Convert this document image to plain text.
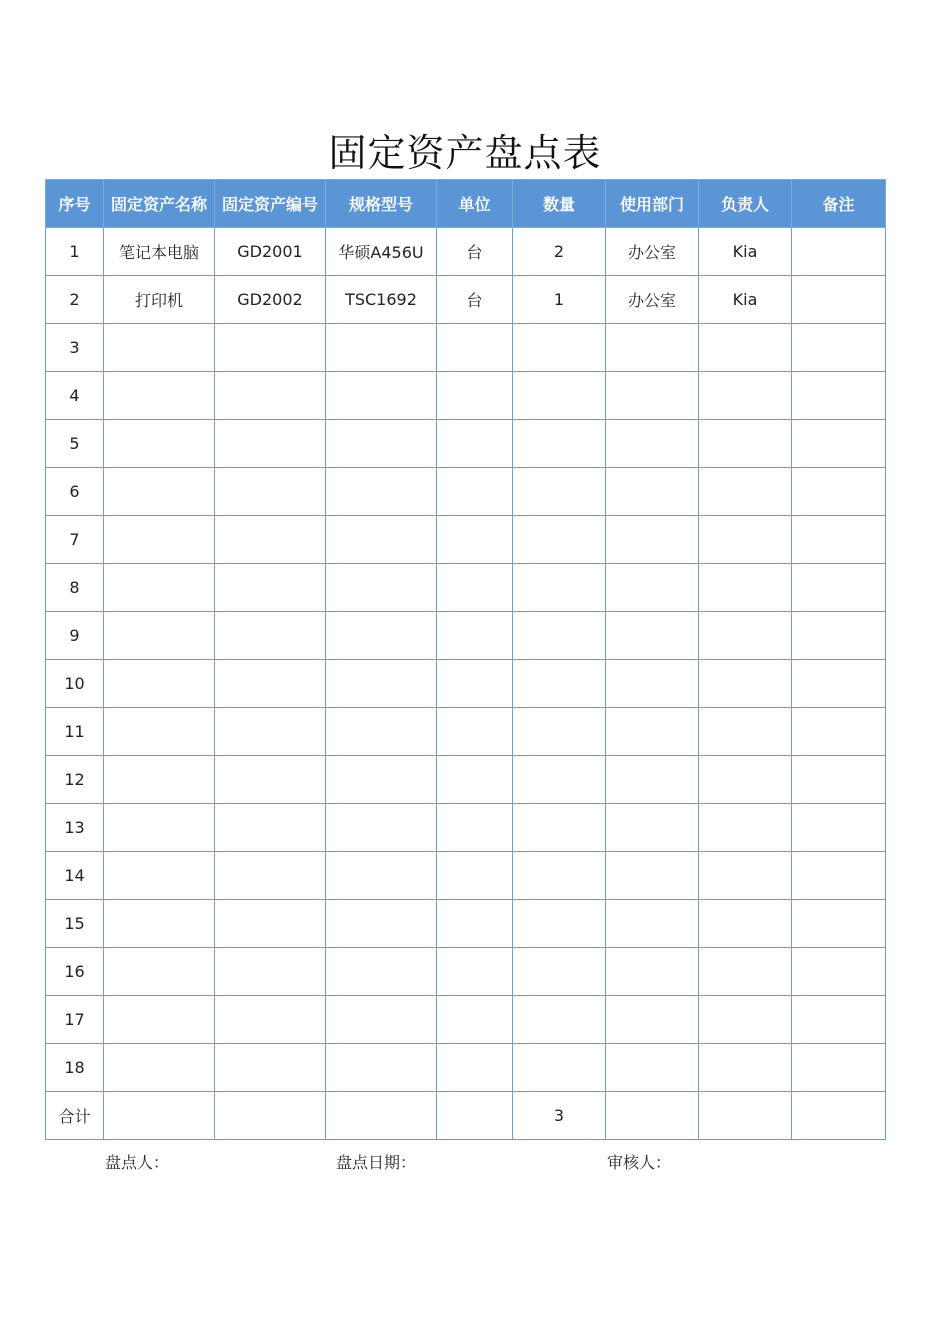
固定资产盘点表
序号	固定资产名称	固定资产编号	规格型号	单位	数量	使用部门	负责人	备注
1	笔记本电脑	GD2001	华硕A456U	台	2	办公室	Kia	
2	打印机	GD2002	TSC1692	台	1	办公室	Kia	
3								
4								
5								
6								
7								
8								
9								
10								
11								
12								
13								
14								
15								
16								
17								
18								
合计					3			
盘点人：	盘点日期：	审核人：
